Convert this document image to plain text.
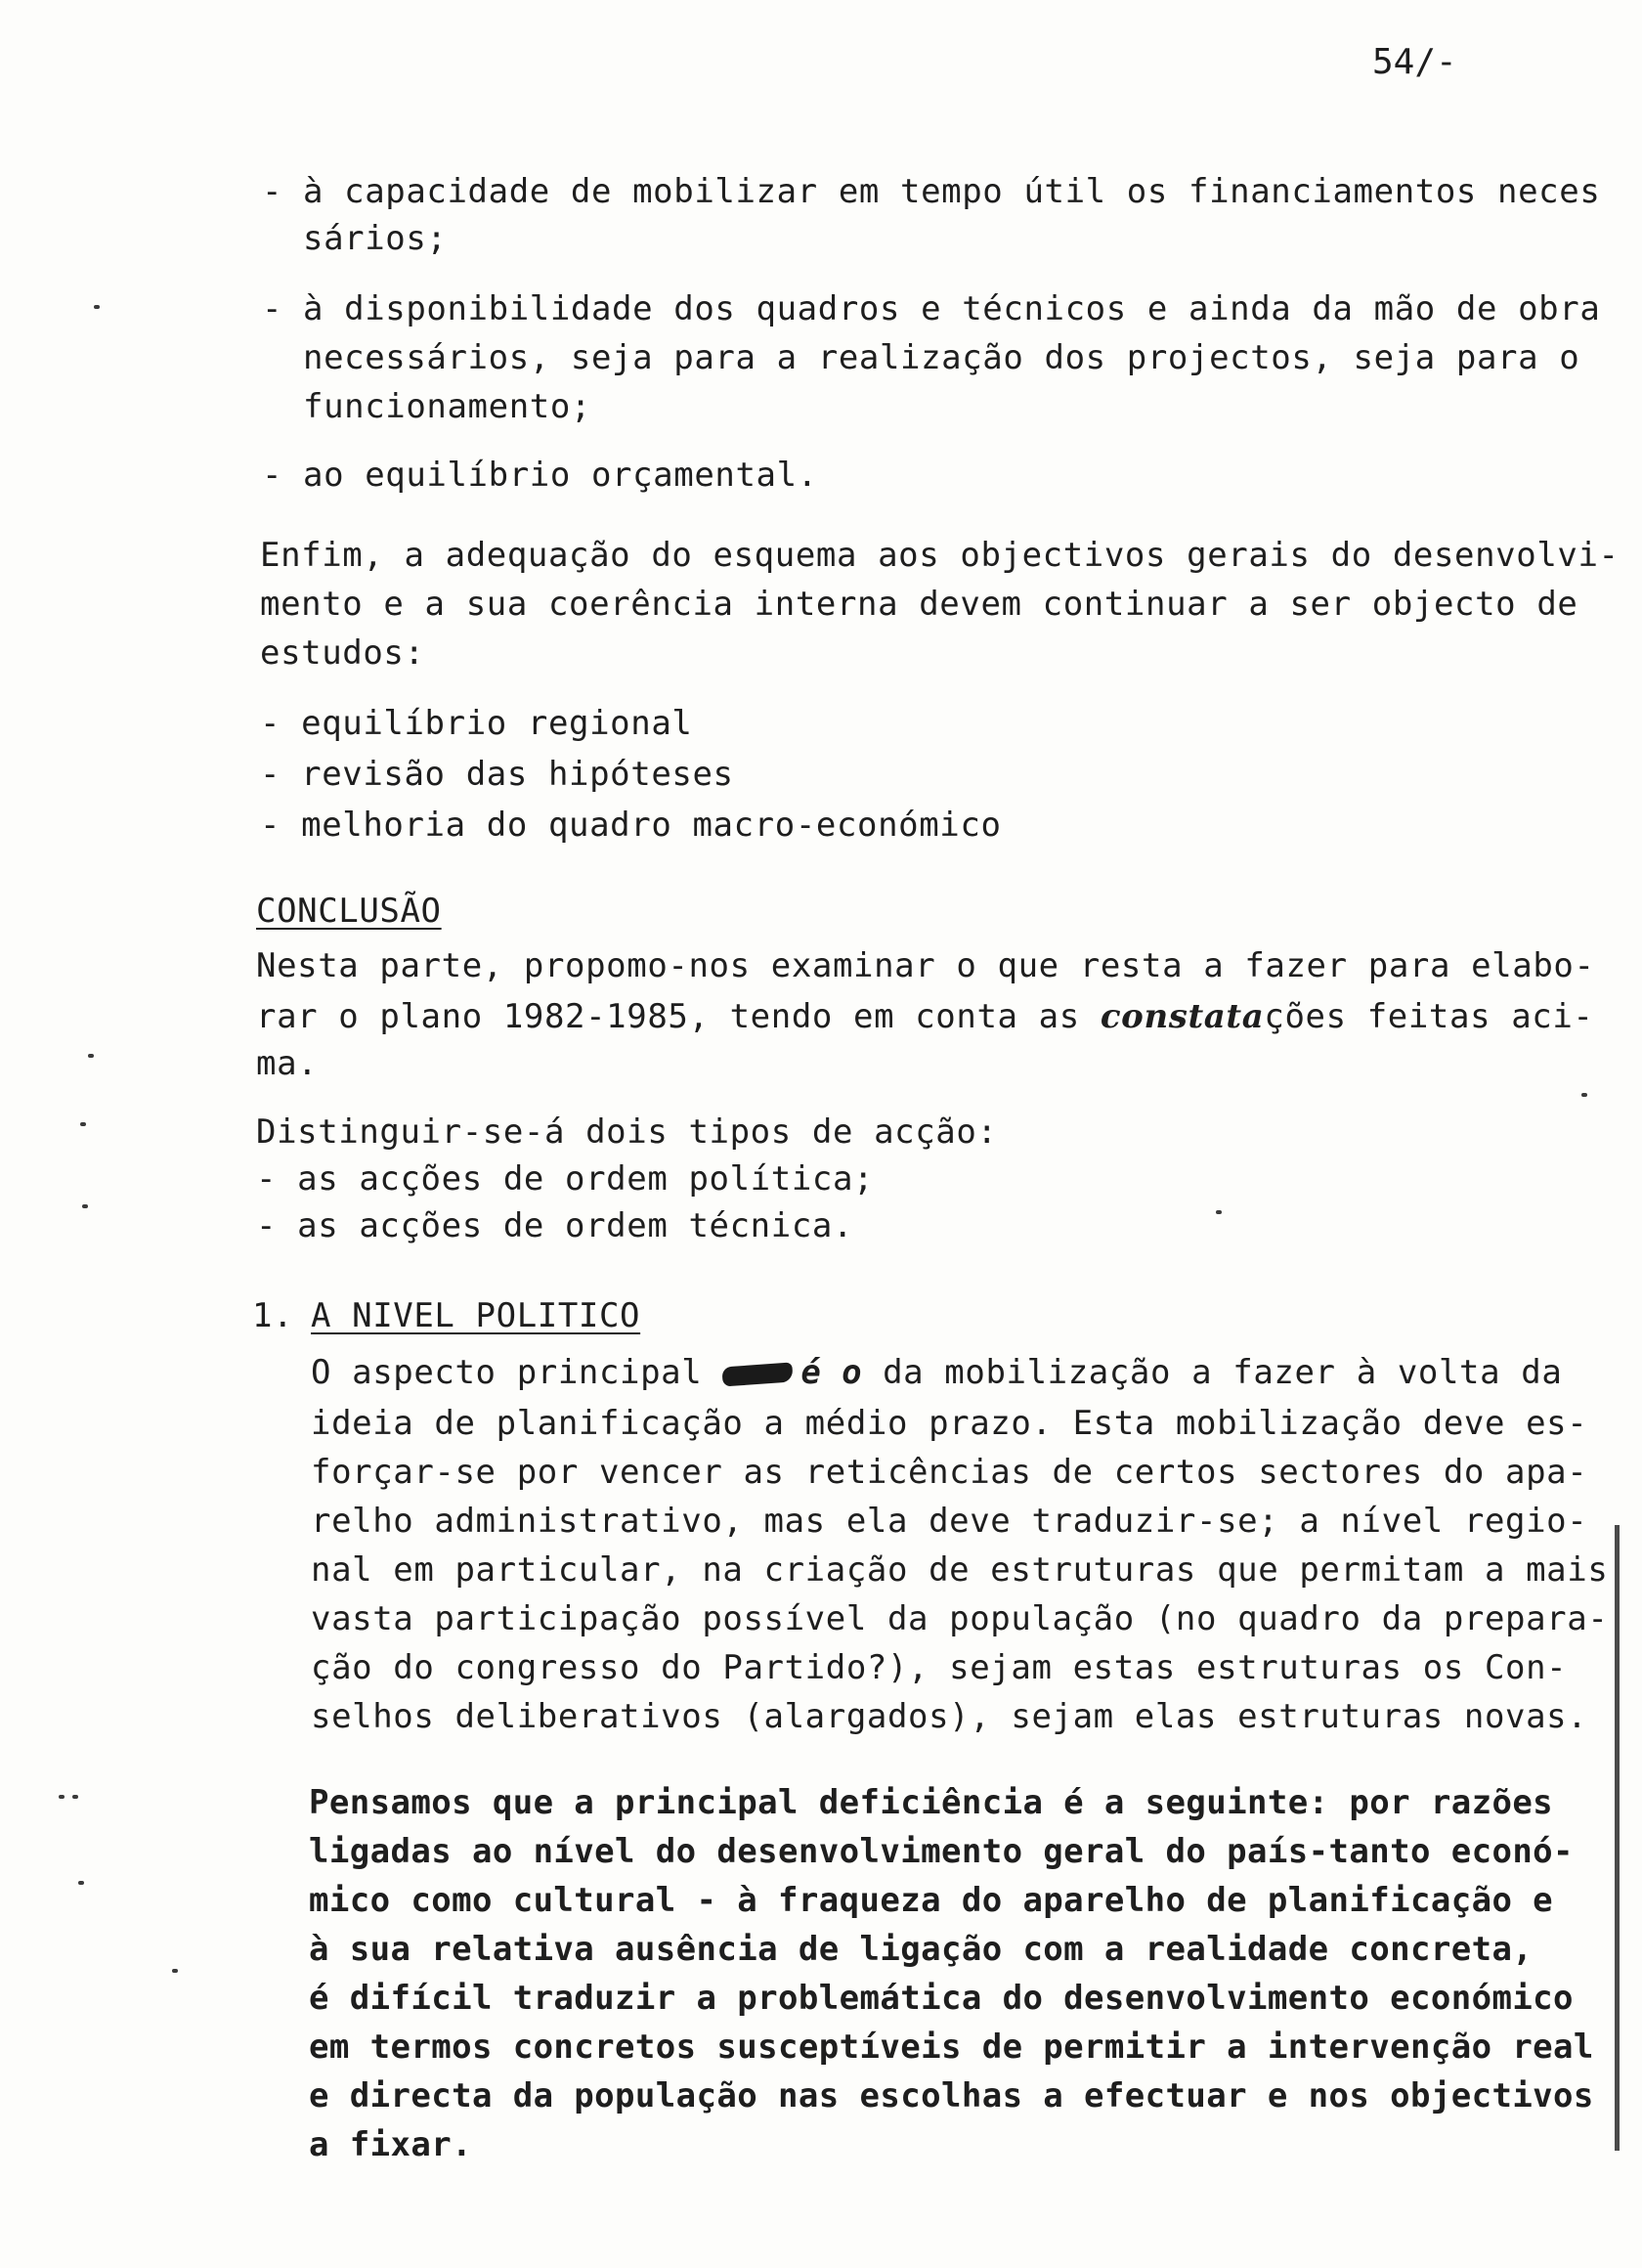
54/-
- à capacidade de mobilizar em tempo útil os financiamentos neces
sários;
- à disponibilidade dos quadros e técnicos e ainda da mão de obra
necessários, seja para a realização dos projectos, seja para o
funcionamento;
- ao equilíbrio orçamental.
Enfim, a adequação do esquema aos objectivos gerais do desenvolvi-
mento e a sua coerência interna devem continuar a ser objecto de
estudos:
- equilíbrio regional
- revisão das hipóteses
- melhoria do quadro macro-económico
CONCLUSÃO
Nesta parte, propomo-nos examinar o que resta a fazer para elabo-
rar o plano 1982-1985, tendo em conta as constatações feitas aci-
ma.
Distinguir-se-á dois tipos de acção:
- as acções de ordem política;
- as acções de ordem técnica.
1. A NIVEL POLITICO
O aspecto principal	é o da mobilização a fazer à volta da
ideia de planificação a médio prazo. Esta mobilização deve es-
forçar-se por vencer as reticências de certos sectores do apa-
relho administrativo, mas ela deve traduzir-se; a nível regio-
nal em particular, na criação de estruturas que permitam a mais
vasta participação possível da população (no quadro da prepara-
ção do congresso do Partido?), sejam estas estruturas os Con-
selhos deliberativos (alargados), sejam elas estruturas novas.
Pensamos que a principal deficiência é a seguinte: por razões
ligadas ao nível do desenvolvimento geral do país-tanto econó-
mico como cultural - à fraqueza do aparelho de planificação e
à sua relativa ausência de ligação com a realidade concreta,
é difícil traduzir a problemática do desenvolvimento económico
em termos concretos susceptíveis de permitir a intervenção real
e directa da população nas escolhas a efectuar e nos objectivos
a fixar.
